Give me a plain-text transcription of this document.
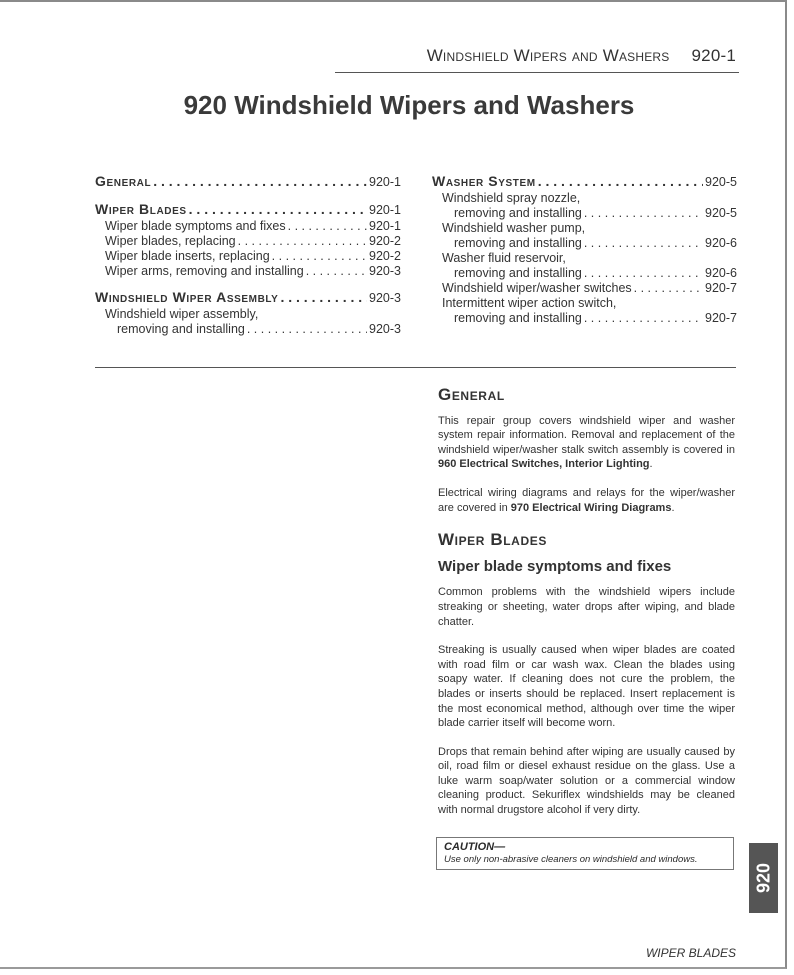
Windshield Wipers and Washers 920-1
920 Windshield Wipers and Washers
General . . .	920-1
Wiper Blades . . .	920-1
Wiper blade symptoms and fixes . . .	920-1
Wiper blades, replacing . . .	920-2
Wiper blade inserts, replacing . . .	920-2
Wiper arms, removing and installing . . .	920-3
Windshield Wiper Assembly . . .	920-3
Windshield wiper assembly,
removing and installing . . .	920-3
Washer System . . .	920-5
Windshield spray nozzle,
removing and installing . . .	920-5
Windshield washer pump,
removing and installing . . .	920-6
Washer fluid reservoir,
removing and installing . . .	920-6
Windshield wiper/washer switches . . .	920-7
Intermittent wiper action switch,
removing and installing . . .	920-7
General

This repair group covers windshield wiper and washer system repair information. Removal and replacement of the windshield wiper/washer stalk switch assembly is covered in 960 Electrical Switches, Interior Lighting.

Electrical wiring diagrams and relays for the wiper/washer are covered in 970 Electrical Wiring Diagrams.

Wiper Blades
Wiper blade symptoms and fixes

Common problems with the windshield wipers include streaking or sheeting, water drops after wiping, and blade chatter.

Streaking is usually caused when wiper blades are coated with road film or car wash wax. Clean the blades using soapy water. If cleaning does not cure the problem, the blades or inserts should be replaced. Insert replacement is the most economical method, although over time the wiper blade carrier itself will become worn.

Drops that remain behind after wiping are usually caused by oil, road film or diesel exhaust residue on the glass. Use a luke warm soap/water solution or a commercial window cleaning product. Sekuriflex windshields may be cleaned with normal drugstore alcohol if very dirty.

CAUTION—
Use only non-abrasive cleaners on windshield and windows.
920
WIPER BLADES
